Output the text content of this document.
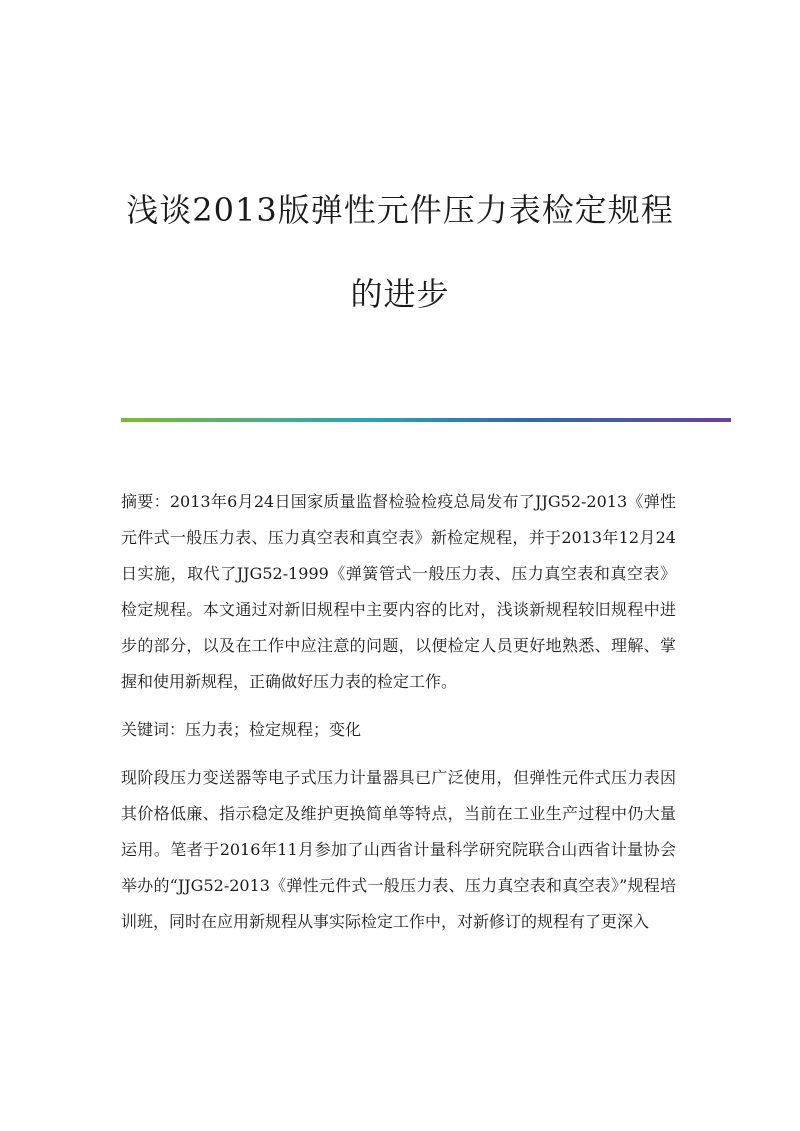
浅谈2013版弹性元件压力表检定规程
的进步

摘要：2013年6月24日国家质量监督检验检疫总局发布了JJG52-2013《弹性元件式一般压力表、压力真空表和真空表》新检定规程，并于2013年12月24日实施，取代了JJG52-1999《弹簧管式一般压力表、压力真空表和真空表》检定规程。本文通过对新旧规程中主要内容的比对，浅谈新规程较旧规程中进步的部分，以及在工作中应注意的问题，以便检定人员更好地熟悉、理解、掌握和使用新规程，正确做好压力表的检定工作。

关键词：压力表；检定规程；变化

现阶段压力变送器等电子式压力计量器具已广泛使用，但弹性元件式压力表因其价格低廉、指示稳定及维护更换简单等特点，当前在工业生产过程中仍大量运用。笔者于2016年11月参加了山西省计量科学研究院联合山西省计量协会举办的“JJG52-2013《弹性元件式一般压力表、压力真空表和真空表》”规程培训班，同时在应用新规程从事实际检定工作中，对新修订的规程有了更深入
